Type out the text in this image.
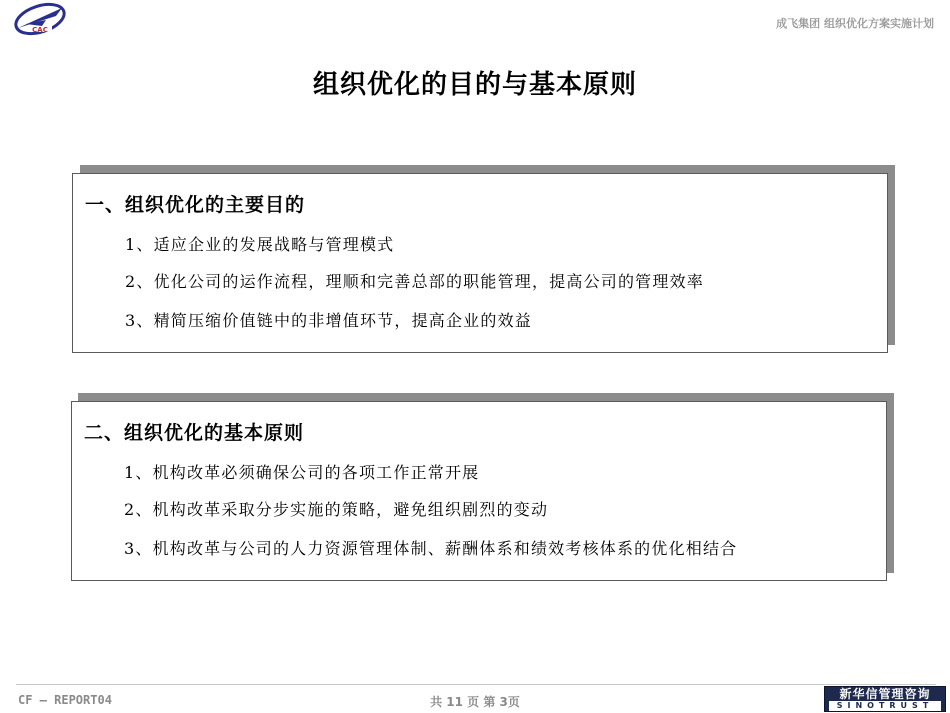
CAC	成飞集团 组织优化方案实施计划
组织优化的目的与基本原则
一、组织优化的主要目的
1、适应企业的发展战略与管理模式
2、优化公司的运作流程，理顺和完善总部的职能管理，提高公司的管理效率
3、精简压缩价值链中的非增值环节，提高企业的效益
二、组织优化的基本原则
1、机构改革必须确保公司的各项工作正常开展
2、机构改革采取分步实施的策略，避免组织剧烈的变动
3、机构改革与公司的人力资源管理体制、薪酬体系和绩效考核体系的优化相结合
CF — REPORT04	共 11 页 第 3页
新华信管理咨询
SINOTRUST
